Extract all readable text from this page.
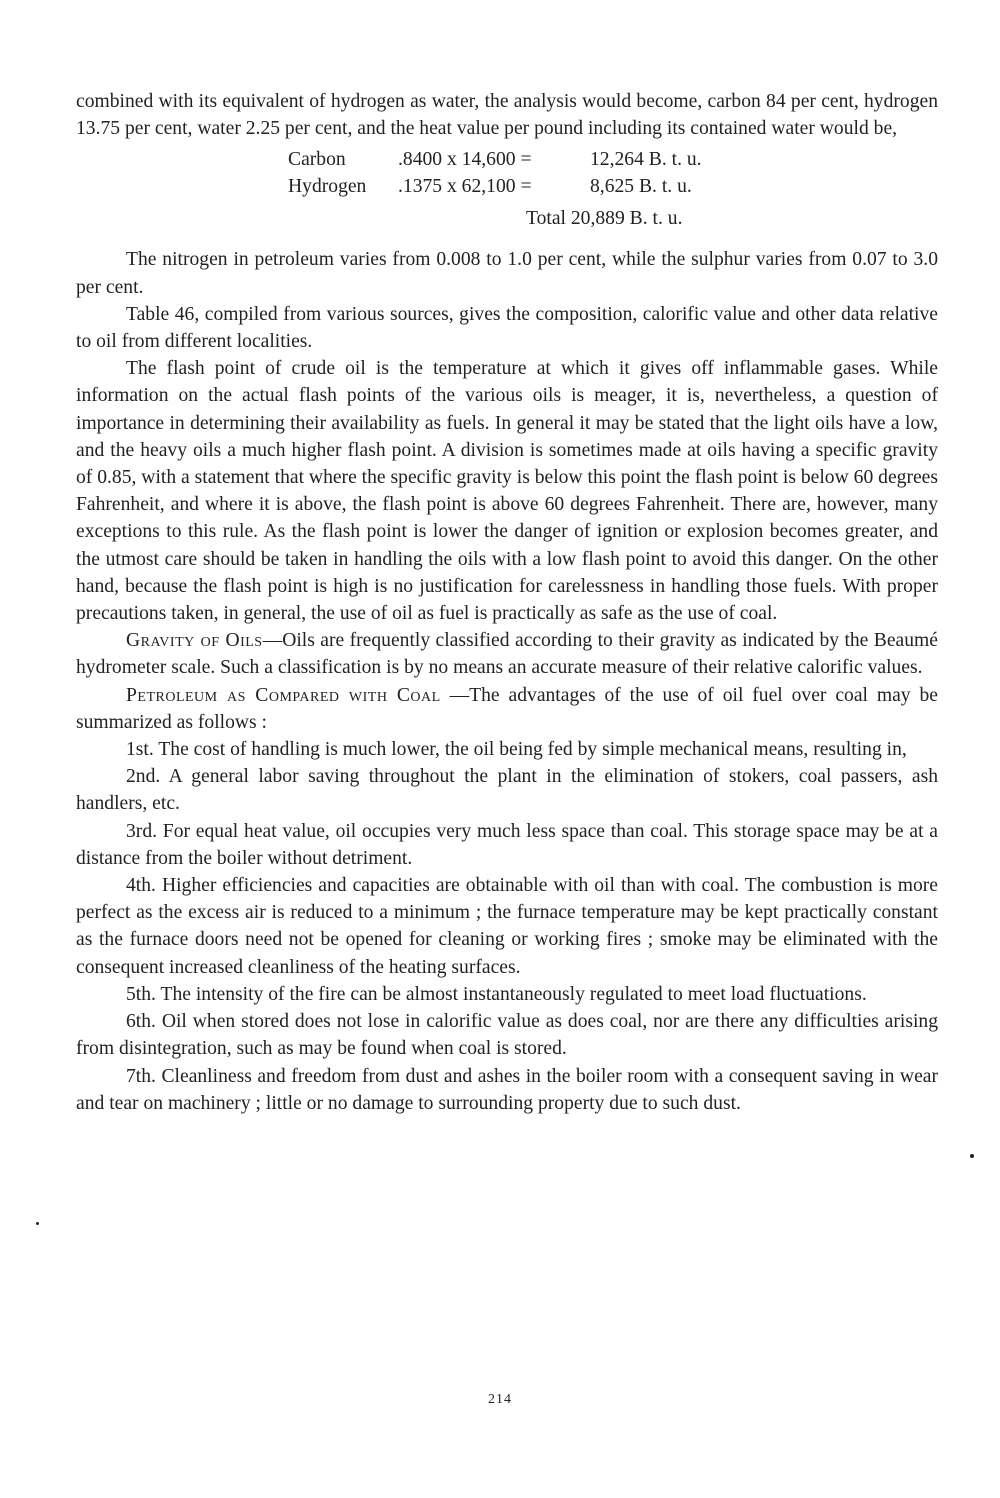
combined with its equivalent of hydrogen as water, the analysis would become, carbon 84 per cent, hydrogen 13.75 per cent, water 2.25 per cent, and the heat value per pound including its contained water would be,

Carbon	.8400 x 14,600 =	12,264 B. t. u.
Hydrogen .1375 x 62,100 =	8,625 B. t. u.
Total 20,889 B. t. u.

The nitrogen in petroleum varies from 0.008 to 1.0 per cent, while the sulphur varies from 0.07 to 3.0 per cent.

Table 46, compiled from various sources, gives the composition, calorific value and other data relative to oil from different localities.

The flash point of crude oil is the temperature at which it gives off inflammable gases. While information on the actual flash points of the various oils is meager, it is, nevertheless, a question of importance in determining their availability as fuels. In general it may be stated that the light oils have a low, and the heavy oils a much higher flash point. A division is sometimes made at oils having a specific gravity of 0.85, with a statement that where the specific gravity is below this point the flash point is below 60 degrees Fahrenheit, and where it is above, the flash point is above 60 degrees Fahrenheit. There are, however, many exceptions to this rule. As the flash point is lower the danger of ignition or explosion becomes greater, and the utmost care should be taken in handling the oils with a low flash point to avoid this danger. On the other hand, because the flash point is high is no justification for carelessness in handling those fuels. With proper precautions taken, in general, the use of oil as fuel is practically as safe as the use of coal.

Gravity of Oils—Oils are frequently classified according to their gravity as indicated by the Beaumé hydrometer scale. Such a classification is by no means an accurate measure of their relative calorific values.

Petroleum as Compared with Coal —The advantages of the use of oil fuel over coal may be summarized as follows :

1st. The cost of handling is much lower, the oil being fed by simple mechanical means, resulting in,

2nd. A general labor saving throughout the plant in the elimination of stokers, coal passers, ash handlers, etc.

3rd. For equal heat value, oil occupies very much less space than coal. This storage space may be at a distance from the boiler without detriment.

4th. Higher efficiencies and capacities are obtainable with oil than with coal. The combustion is more perfect as the excess air is reduced to a minimum ; the furnace temperature may be kept practically constant as the furnace doors need not be opened for cleaning or working fires ; smoke may be eliminated with the consequent increased cleanliness of the heating surfaces.

5th. The intensity of the fire can be almost instantaneously regulated to meet load fluctuations.

6th. Oil when stored does not lose in calorific value as does coal, nor are there any difficulties arising from disintegration, such as may be found when coal is stored.

7th. Cleanliness and freedom from dust and ashes in the boiler room with a consequent saving in wear and tear on machinery ; little or no damage to surrounding property due to such dust.

214
